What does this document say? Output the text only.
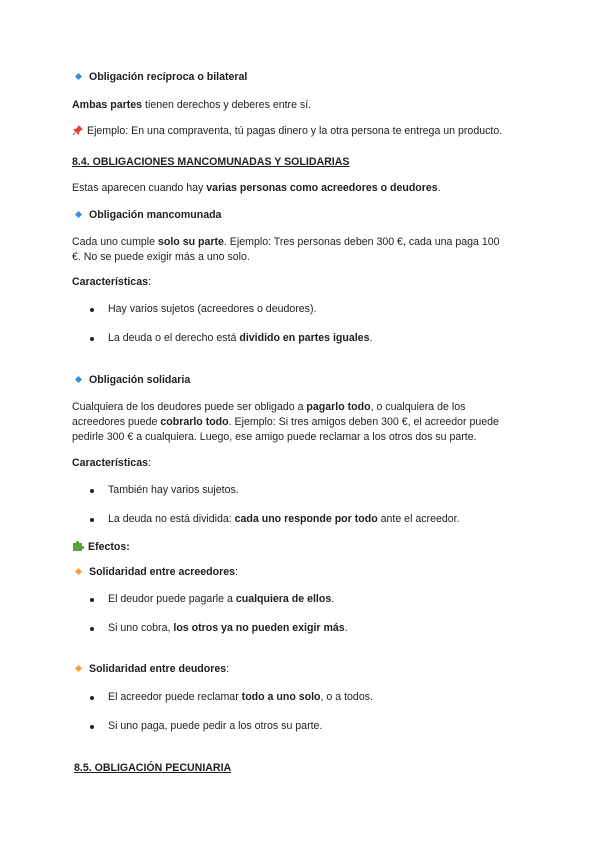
Obligación recíproca o bilateral
Ambas partes tienen derechos y deberes entre sí.
Ejemplo: En una compraventa, tú pagas dinero y la otra persona te entrega un producto.
8.4. OBLIGACIONES MANCOMUNADAS Y SOLIDARIAS
Estas aparecen cuando hay varias personas como acreedores o deudores.
Obligación mancomunada
Cada uno cumple solo su parte. Ejemplo: Tres personas deben 300 €, cada una paga 100
€. No se puede exigir más a uno solo.
Características:
Hay varios sujetos (acreedores o deudores).
La deuda o el derecho está dividido en partes iguales.
Obligación solidaria
Cualquiera de los deudores puede ser obligado a pagarlo todo, o cualquiera de los
acreedores puede cobrarlo todo. Ejemplo: Si tres amigos deben 300 €, el acreedor puede
pedirle 300 € a cualquiera. Luego, ese amigo puede reclamar a los otros dos su parte.
Características:
También hay varios sujetos.
La deuda no está dividida: cada uno responde por todo ante el acreedor.
Efectos:
Solidaridad entre acreedores:
El deudor puede pagarle a cualquiera de ellos.
Si uno cobra, los otros ya no pueden exigir más.
Solidaridad entre deudores:
El acreedor puede reclamar todo a uno solo, o a todos.
Si uno paga, puede pedir a los otros su parte.
8.5. OBLIGACIÓN PECUNIARIA
